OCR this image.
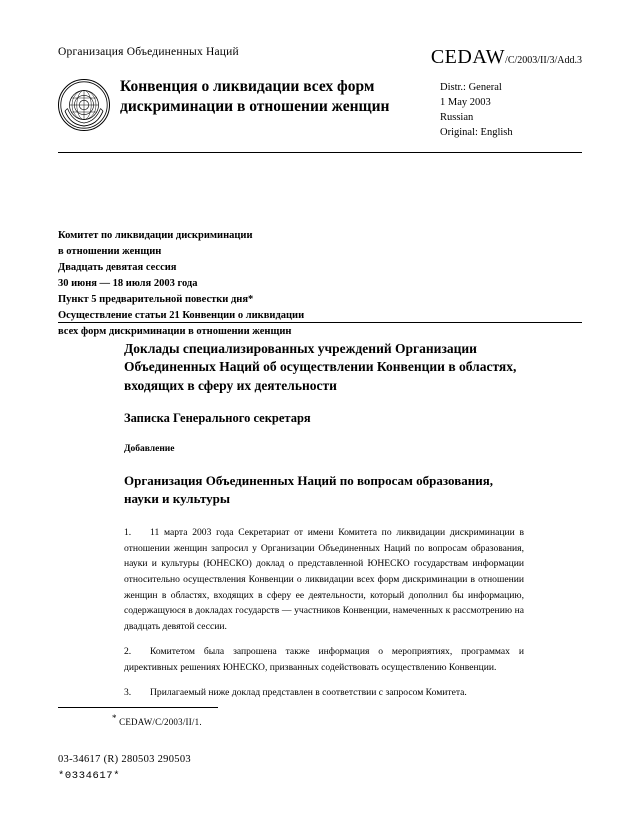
Организация Объединенных Наций	CEDAW/C/2003/II/3/Add.3
Конвенция о ликвидации всех форм дискриминации в отношении женщин
Distr.: General
1 May 2003
Russian
Original: English
Комитет по ликвидации дискриминации
в отношении женщин
Двадцать девятая сессия
30 июня — 18 июля 2003 года
Пункт 5 предварительной повестки дня*
Осуществление статьи 21 Конвенции о ликвидации
всех форм дискриминации в отношении женщин
Доклады специализированных учреждений Организации Объединенных Наций об осуществлении Конвенции в областях, входящих в сферу их деятельности
Записка Генерального секретаря
Добавление
Организация Объединенных Наций по вопросам образования, науки и культуры

1. 11 марта 2003 года Секретариат от имени Комитета по ликвидации дискриминации в отношении женщин запросил у Организации Объединенных Наций по вопросам образования, науки и культуры (ЮНЕСКО) доклад о представленной ЮНЕСКО государствам информации относительно осуществления Конвенции о ликвидации всех форм дискриминации в отношении женщин в областях, входящих в сферу ее деятельности, который дополнил бы информацию, содержащуюся в докладах государств — участников Конвенции, намеченных к рассмотрению на двадцать девятой сессии.

2. Комитетом была запрошена также информация о мероприятиях, программах и директивных решениях ЮНЕСКО, призванных содействовать осуществлению Конвенции.

3. Прилагаемый ниже доклад представлен в соответствии с запросом Комитета.

* CEDAW/C/2003/II/1.
03-34617 (R) 280503 290503
*0334617*
